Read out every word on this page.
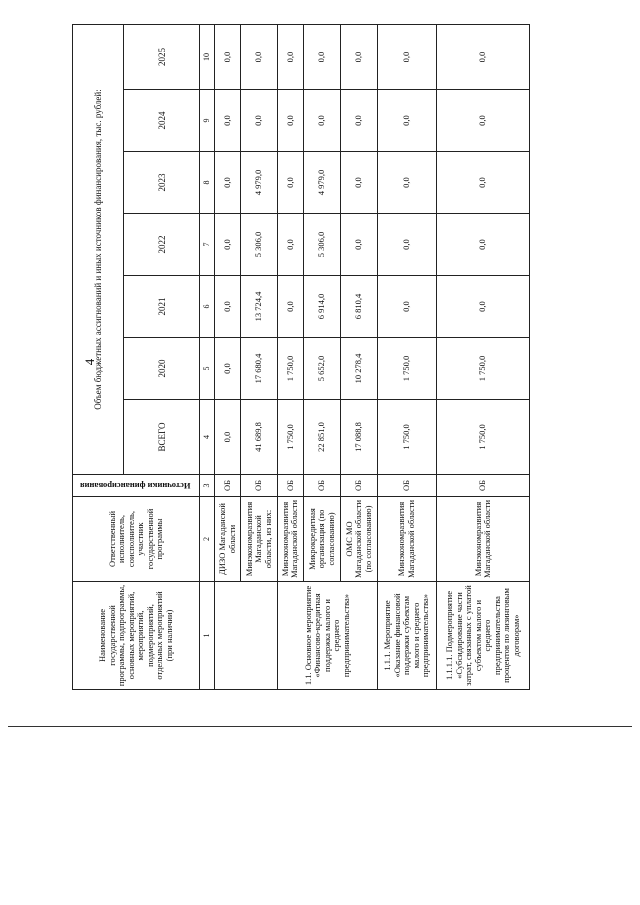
4
Наименование государственной программы, подпрограммы, основных мероприятий, мероприятий, подмероприятий, отдельных мероприятий (при наличии)	Ответственный исполнитель, соисполнитель, участник государственной программы	Источники финансирования	Объем бюджетных ассигнований и иных источников финансирования, тыс. рублей:						
			ВСЕГО	2020	2021	2022	2023	2024	2025
1	2	3	4	5	6	7	8	9	10
	ДИЗО Магаданской области	ОБ	0,0	0,0	0,0	0,0	0,0	0,0	0,0
	Минэкономразвития Магаданской области, из них:	ОБ	41 689,8	17 680,4	13 724,4	5 306,0	4 979,0	0,0	0,0
1.1. Основное мероприятие «Финансово-кредитная поддержка малого и среднего предпринимательства»	Минэкономразвития Магаданской области	ОБ	1 750,0	1 750,0	0,0	0,0	0,0	0,0	0,0
	Микрокредитная организация (по согласованию)	ОБ	22 851,0	5 652,0	6 914,0	5 306,0	4 979,0	0,0	0,0
	ОМС МО Магаданской области (по согласованию)	ОБ	17 088,8	10 278,4	6 810,4	0,0	0,0	0,0	0,0
1.1.1. Мероприятие «Оказание финансовой поддержки субъектам малого и среднего предпринимательства»	Минэкономразвития Магаданской области	ОБ	1 750,0	1 750,0	0,0	0,0	0,0	0,0	0,0
1.1.1.1. Подмероприятие «Субсидирование части затрат, связанных с уплатой субъектом малого и среднего предпринимательства процентов по лизинговым договорам»	Минэкономразвития Магаданской области	ОБ	1 750,0	1 750,0	0,0	0,0	0,0	0,0	0,0
